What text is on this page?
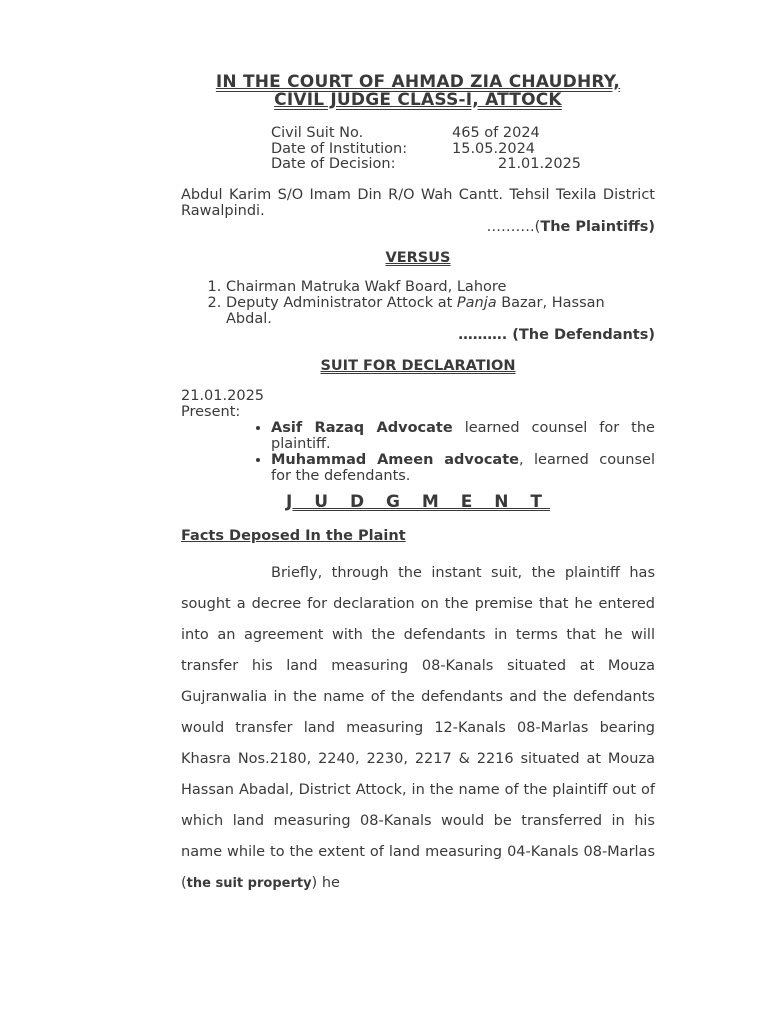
IN THE COURT OF AHMAD ZIA CHAUDHRY,
CIVIL JUDGE CLASS-I, ATTOCK
Civil Suit No.	465 of 2024
Date of Institution:	15.05.2024
Date of Decision:	21.01.2025
Abdul Karim S/O Imam Din R/O Wah Cantt. Tehsil Texila District Rawalpindi.
……….(The Plaintiffs)
VERSUS
1. Chairman Matruka Wakf Board, Lahore
2. Deputy Administrator Attock at Panja Bazar, Hassan Abdal.
………. (The Defendants)
SUIT FOR DECLARATION
21.01.2025
Present:
• Asif Razaq Advocate learned counsel for the plaintiff.
• Muhammad Ameen advocate, learned counsel for the defendants.
J U D G M E N T
Facts Deposed In the Plaint
Briefly, through the instant suit, the plaintiff has sought a decree for declaration on the premise that he entered into an agreement with the defendants in terms that he will transfer his land measuring 08-Kanals situated at Mouza Gujranwalia in the name of the defendants and the defendants would transfer land measuring 12-Kanals 08-Marlas bearing Khasra Nos.2180, 2240, 2230, 2217 & 2216 situated at Mouza Hassan Abadal, District Attock, in the name of the plaintiff out of which land measuring 08-Kanals would be transferred in his name while to the extent of land measuring 04-Kanals 08-Marlas (the suit property) he
